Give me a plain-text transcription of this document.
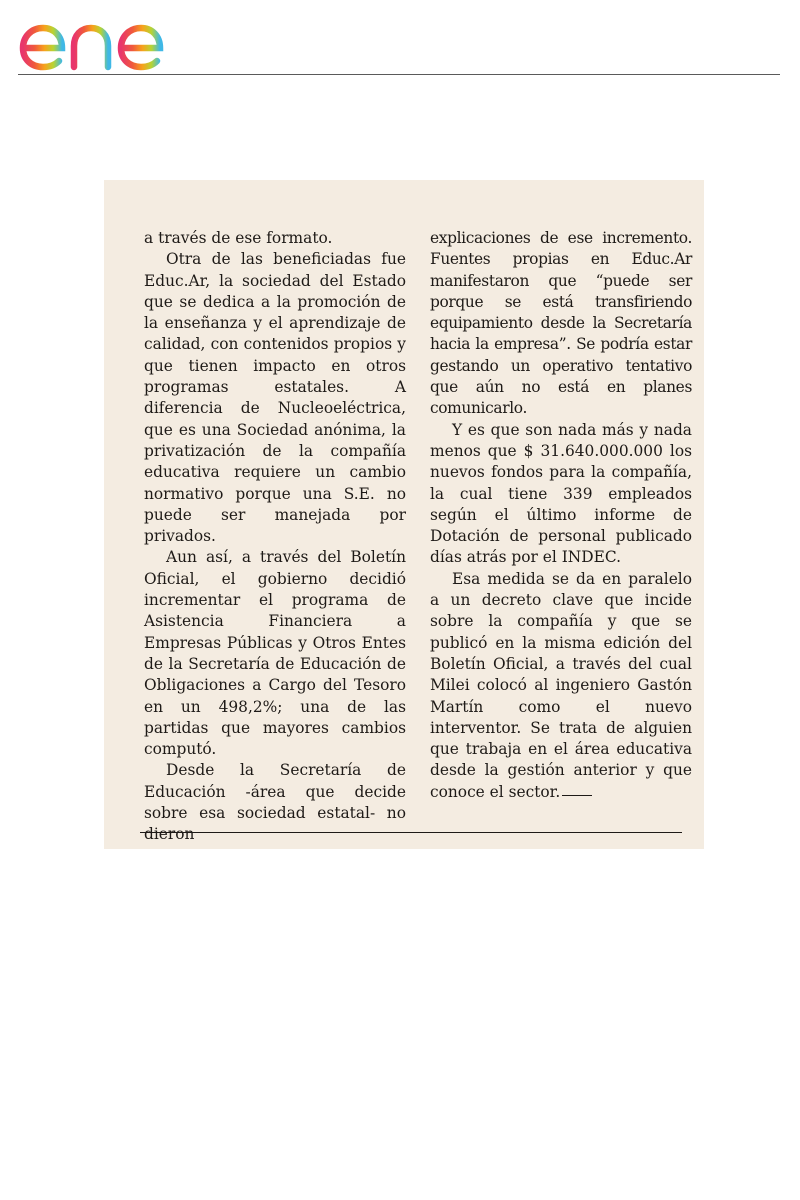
a través de ese formato.

Otra de las beneficiadas fue Educ.Ar, la sociedad del Estado que se dedica a la promoción de la enseñanza y el aprendizaje de calidad, con contenidos propios y que tienen impacto en otros programas estatales. A diferencia de Nucleoeléctrica, que es una Sociedad anónima, la privatización de la compañía educativa requiere un cambio normativo porque una S.E. no puede ser manejada por privados.

Aun así, a través del Boletín Oficial, el gobierno decidió incrementar el programa de Asistencia Financiera a Empresas Públicas y Otros Entes de la Secretaría de Educación de Obligaciones a Cargo del Tesoro en un 498,2%; una de las partidas que mayores cambios computó.

Desde la Secretaría de Educación -área que decide sobre esa sociedad estatal- no dieron

explicaciones de ese incremento. Fuentes propias en Educ.Ar manifestaron que “puede ser porque se está transfiriendo equipamiento desde la Secretaría hacia la empresa”. Se podría estar gestando un operativo tentativo que aún no está en planes comunicarlo.

Y es que son nada más y nada menos que $ 31.640.000.000 los nuevos fondos para la compañía, la cual tiene 339 empleados según el último informe de Dotación de personal publicado días atrás por el INDEC.

Esa medida se da en paralelo a un decreto clave que incide sobre la compañía y que se publicó en la misma edición del Boletín Oficial, a través del cual Milei colocó al ingeniero Gastón Martín como el nuevo interventor. Se trata de alguien que trabaja en el área educativa desde la gestión anterior y que conoce el sector.
